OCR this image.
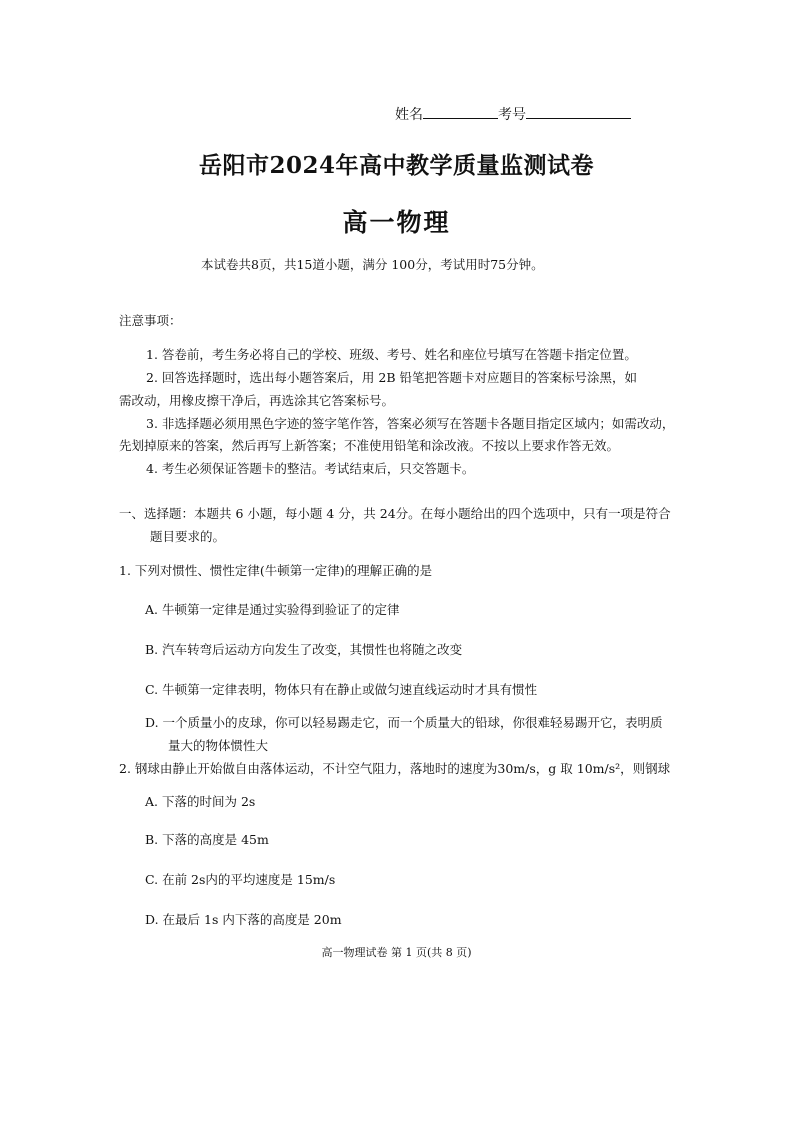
姓名	考号
岳阳市2024年高中教学质量监测试卷
高一物理
本试卷共8页，共15道小题，满分 100分，考试用时75分钟。
注意事项：
1. 答卷前，考生务必将自己的学校、班级、考号、姓名和座位号填写在答题卡指定位置。
2. 回答选择题时，选出每小题答案后，用 2B 铅笔把答题卡对应题目的答案标号涂黑，如
需改动，用橡皮擦干净后，再选涂其它答案标号。
3. 非选择题必须用黑色字迹的签字笔作答，答案必须写在答题卡各题目指定区域内；如需改动，
先划掉原来的答案，然后再写上新答案；不准使用铅笔和涂改液。不按以上要求作答无效。
4. 考生必须保证答题卡的整洁。考试结束后，只交答题卡。
一、选择题：本题共 6 小题，每小题 4 分，共 24分。在每小题给出的四个选项中，只有一项是符合
题目要求的。
1. 下列对惯性、惯性定律(牛顿第一定律)的理解正确的是
A. 牛顿第一定律是通过实验得到验证了的定律
B. 汽车转弯后运动方向发生了改变，其惯性也将随之改变
C. 牛顿第一定律表明，物体只有在静止或做匀速直线运动时才具有惯性
D. 一个质量小的皮球，你可以轻易踢走它，而一个质量大的铅球，你很难轻易踢开它，表明质
量大的物体惯性大
2. 钢球由静止开始做自由落体运动，不计空气阻力，落地时的速度为30m/s，g 取 10m/s²，则钢球
A. 下落的时间为 2s
B. 下落的高度是 45m
C. 在前 2s内的平均速度是 15m/s
D. 在最后 1s 内下落的高度是 20m
高一物理试卷 第 1 页(共 8 页)
